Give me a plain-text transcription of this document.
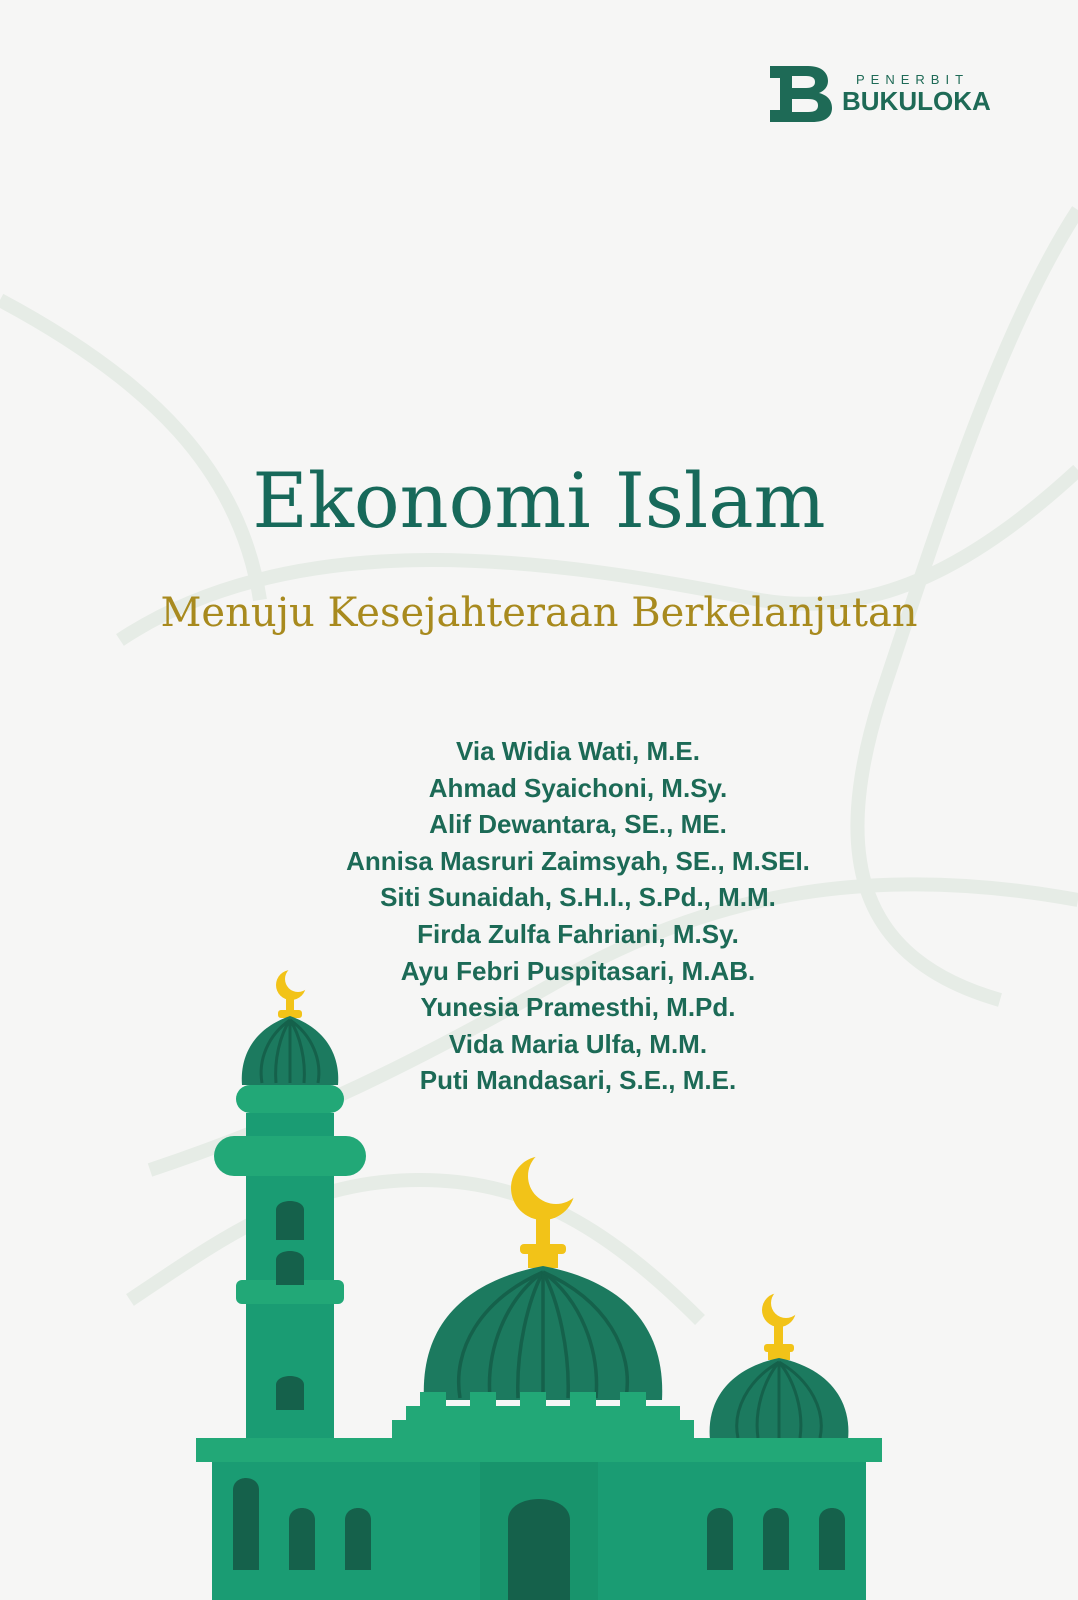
PENERBIT
BUKULOKA
Ekonomi Islam
Menuju Kesejahteraan Berkelanjutan
Via Widia Wati, M.E.
Ahmad Syaichoni, M.Sy.
Alif Dewantara, SE., ME.
Annisa Masruri Zaimsyah, SE., M.SEI.
Siti Sunaidah, S.H.I., S.Pd., M.M.
Firda Zulfa Fahriani, M.Sy.
Ayu Febri Puspitasari, M.AB.
Yunesia Pramesthi, M.Pd.
Vida Maria Ulfa, M.M.
Puti Mandasari, S.E., M.E.
